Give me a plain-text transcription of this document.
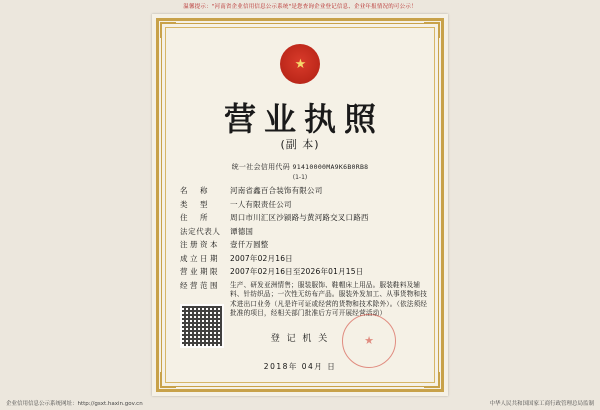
温馨提示："河南省企业信用信息公示系统"是您查询企业登记信息、企业年报情况的可公示！
★
营业执照
(副 本)
统一社会信用代码 91410000MA9K6B0RB8
(1-1)
名　称	河南省鑫百合装饰有限公司
类　型	一人有限责任公司
住　所	周口市川汇区沙颍路与黄河路交叉口路西
法定代表人	谭德国
注册资本	壹仟万圆整
成立日期	2007年02月16日
营业期限	2007年02月16日至2026年01月15日
经营范围	生产、研发亚洲情售；服装服饰、鞋帽床上用品。服装鞋料及辅料、针纺织品；一次性无纺布产品。服装外发加工、从事货物和技术进出口业务（凡是许可证或经营的货物和技术除外）。（依法须经批准的项目，经相关部门批准后方可开展经营活动）
登 记 机 关	★
2018年 04月 日
企业信用信息公示系统网址：http://gsxt.haxin.gov.cn	中华人民共和国国家工商行政管理总局监制
